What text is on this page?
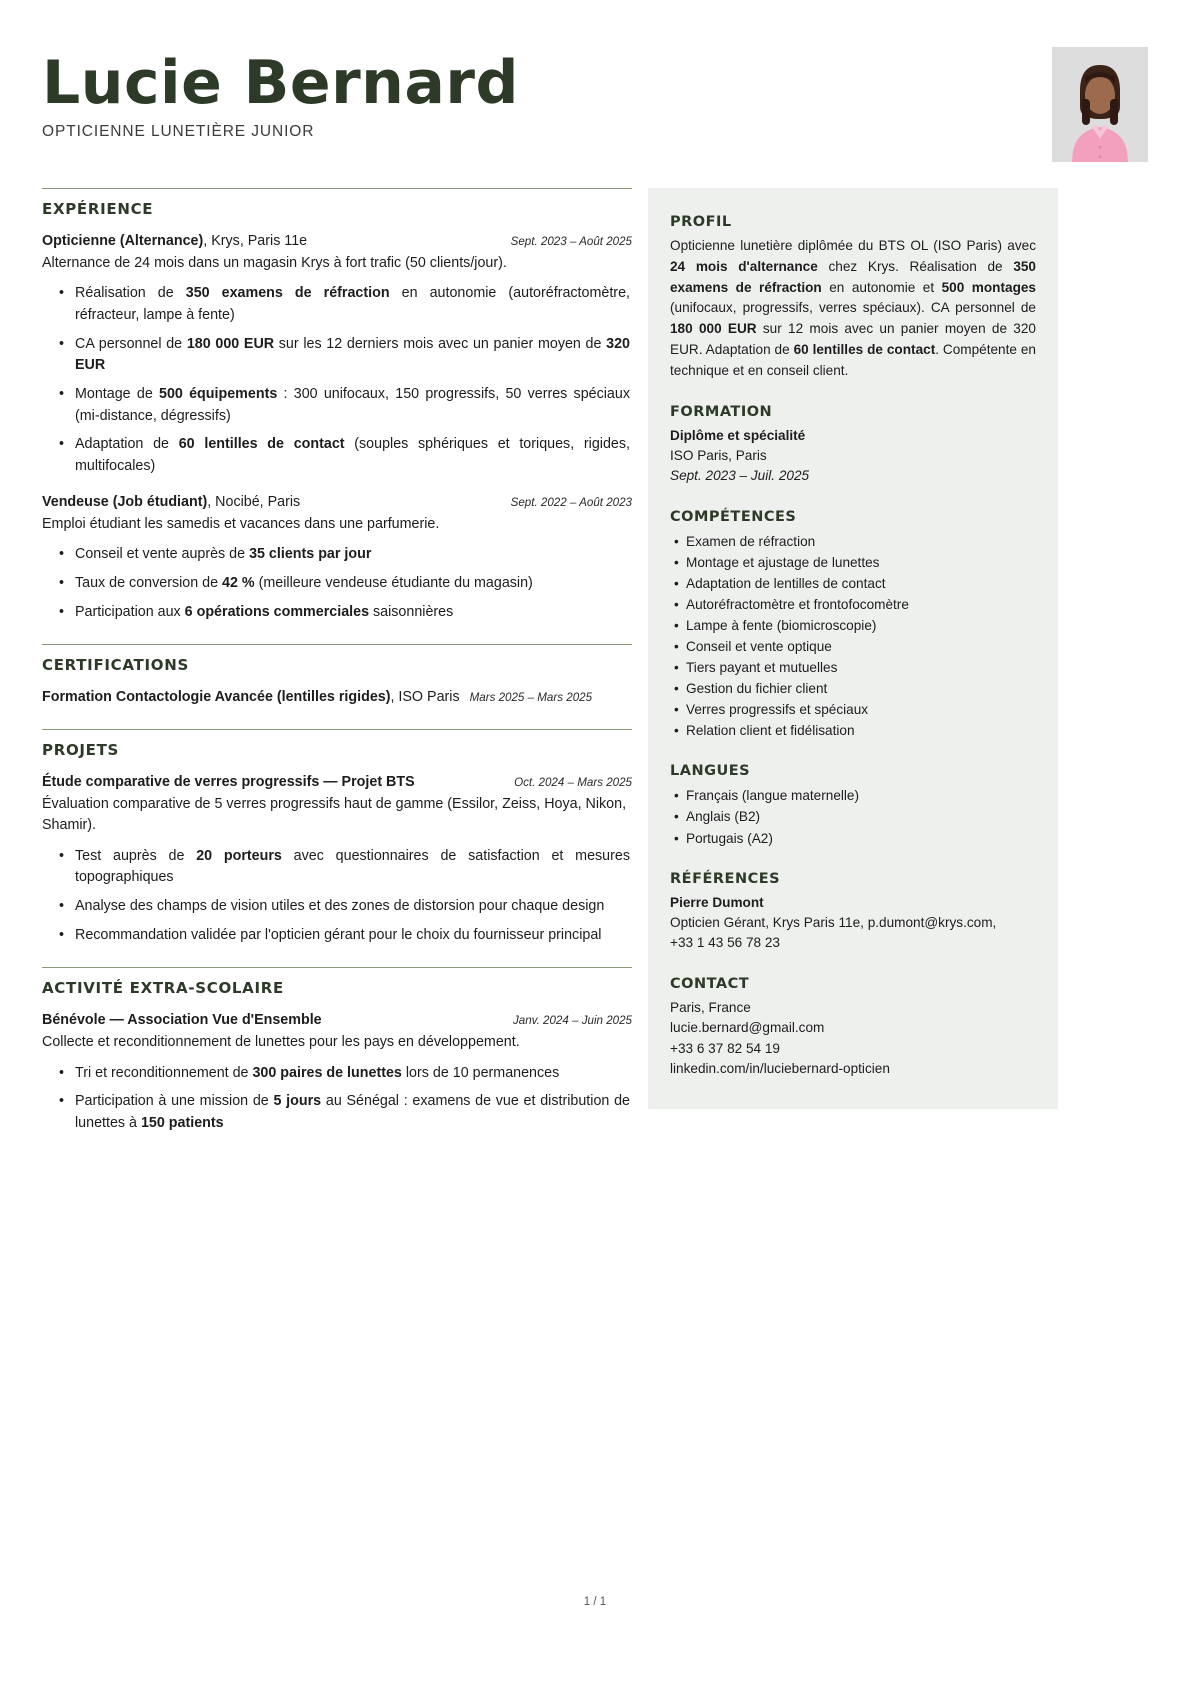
Lucie Bernard
OPTICIENNE LUNETIÈRE JUNIOR
EXPÉRIENCE
Opticienne (Alternance), Krys, Paris 11e	Sept. 2023 – Août 2025
Alternance de 24 mois dans un magasin Krys à fort trafic (50 clients/jour).
• Réalisation de 350 examens de réfraction en autonomie (autoréfractomètre, réfracteur, lampe à fente)
• CA personnel de 180 000 EUR sur les 12 derniers mois avec un panier moyen de 320 EUR
• Montage de 500 équipements : 300 unifocaux, 150 progressifs, 50 verres spéciaux (mi-distance, dégressifs)
• Adaptation de 60 lentilles de contact (souples sphériques et toriques, rigides, multifocales)
Vendeuse (Job étudiant), Nocibé, Paris	Sept. 2022 – Août 2023
Emploi étudiant les samedis et vacances dans une parfumerie.
• Conseil et vente auprès de 35 clients par jour
• Taux de conversion de 42 % (meilleure vendeuse étudiante du magasin)
• Participation aux 6 opérations commerciales saisonnières
CERTIFICATIONS
Formation Contactologie Avancée (lentilles rigides), ISO Paris Mars 2025 – Mars 2025
PROJETS
Étude comparative de verres progressifs — Projet BTS	Oct. 2024 – Mars 2025
Évaluation comparative de 5 verres progressifs haut de gamme (Essilor, Zeiss, Hoya, Nikon, Shamir).
• Test auprès de 20 porteurs avec questionnaires de satisfaction et mesures topographiques
• Analyse des champs de vision utiles et des zones de distorsion pour chaque design
• Recommandation validée par l'opticien gérant pour le choix du fournisseur principal
ACTIVITÉ EXTRA-SCOLAIRE
Bénévole — Association Vue d'Ensemble	Janv. 2024 – Juin 2025
Collecte et reconditionnement de lunettes pour les pays en développement.
• Tri et reconditionnement de 300 paires de lunettes lors de 10 permanences
• Participation à une mission de 5 jours au Sénégal : examens de vue et distribution de lunettes à 150 patients
PROFIL
Opticienne lunetière diplômée du BTS OL (ISO Paris) avec 24 mois d'alternance chez Krys. Réalisation de 350 examens de réfraction en autonomie et 500 montages (unifocaux, progressifs, verres spéciaux). CA personnel de 180 000 EUR sur 12 mois avec un panier moyen de 320 EUR. Adaptation de 60 lentilles de contact. Compétente en technique et en conseil client.
FORMATION
Diplôme et spécialité
ISO Paris, Paris
Sept. 2023 – Juil. 2025
COMPÉTENCES
• Examen de réfraction
• Montage et ajustage de lunettes
• Adaptation de lentilles de contact
• Autoréfractomètre et frontofocomètre
• Lampe à fente (biomicroscopie)
• Conseil et vente optique
• Tiers payant et mutuelles
• Gestion du fichier client
• Verres progressifs et spéciaux
• Relation client et fidélisation
LANGUES
• Français (langue maternelle)
• Anglais (B2)
• Portugais (A2)
RÉFÉRENCES
Pierre Dumont
Opticien Gérant, Krys Paris 11e, p.dumont@krys.com,
+33 1 43 56 78 23
CONTACT
Paris, France
lucie.bernard@gmail.com
+33 6 37 82 54 19
linkedin.com/in/luciebernard-opticien
1 / 1
